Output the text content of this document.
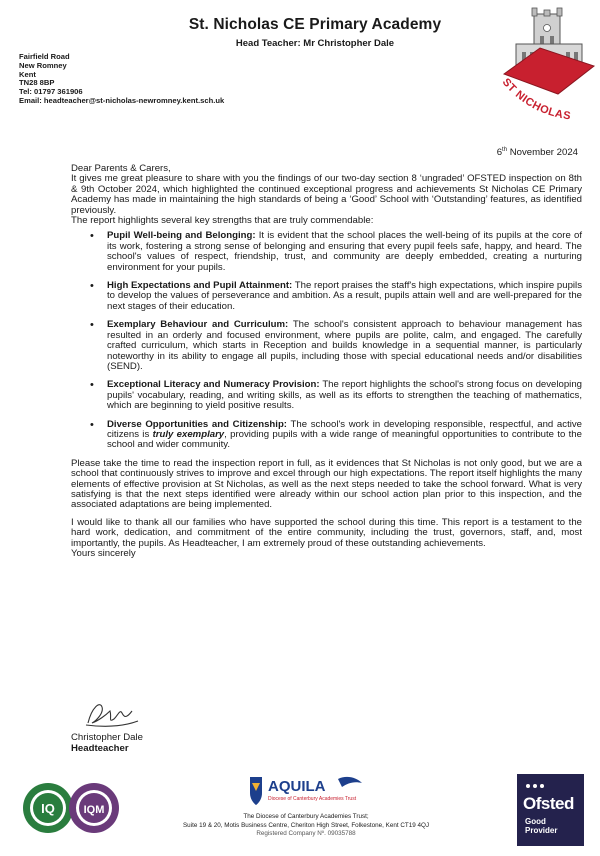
St. Nicholas CE Primary Academy
Head Teacher: Mr Christopher Dale
Fairfield Road
New Romney
Kent
TN28 8BP
Tel: 01797 361906
Email: headteacher@st-nicholas-newromney.kent.sch.uk
ST NICHOLAS
6th November 2024

Dear Parents & Carers,

It gives me great pleasure to share with you the findings of our two-day section 8 ‘ungraded’ OFSTED inspection on 8th & 9th October 2024, which highlighted the continued exceptional progress and achievements St Nicholas CE Primary Academy has made in maintaining the high standards of being a ‘Good’ School with ‘Outstanding’ features, as identified previously.

The report highlights several key strengths that are truly commendable:

• Pupil Well-being and Belonging: It is evident that the school places the well-being of its pupils at the core of its work, fostering a strong sense of belonging and ensuring that every pupil feels safe, happy, and heard. The school's values of respect, friendship, trust, and community are deeply embedded, creating a nurturing environment for your pupils.
• High Expectations and Pupil Attainment: The report praises the staff's high expectations, which inspire pupils to develop the values of perseverance and ambition. As a result, pupils attain well and are well-prepared for the next stages of their education.
• Exemplary Behaviour and Curriculum: The school's consistent approach to behaviour management has resulted in an orderly and focused environment, where pupils are polite, calm, and engaged. The carefully crafted curriculum, which starts in Reception and builds knowledge in a sequential manner, is particularly noteworthy in its ability to engage all pupils, including those with special educational needs and/or disabilities (SEND).
• Exceptional Literacy and Numeracy Provision: The report highlights the school's strong focus on developing pupils' vocabulary, reading, and writing skills, as well as its efforts to strengthen the teaching of mathematics, which are beginning to yield positive results.
• Diverse Opportunities and Citizenship: The school's work in developing responsible, respectful, and active citizens is truly exemplary, providing pupils with a wide range of meaningful opportunities to contribute to the school and wider community.

Please take the time to read the inspection report in full, as it evidences that St Nicholas is not only good, but we are a school that continuously strives to improve and excel through our high expectations. The report itself highlights the many elements of effective provision at St Nicholas, as well as the next steps needed to take the school forward. What is very satisfying is that the next steps identified were already within our school action plan prior to this inspection, and the associated adaptations are being implemented.

I would like to thank all our families who have supported the school during this time. This report is a testament to the hard work, dedication, and commitment of the entire community, including the trust, governors, staff, and, most importantly, the pupils. As Headteacher, I am extremely proud of these outstanding achievements.

Yours sincerely

Christopher Dale
Headteacher
IQ	IQM
AQUILA
Diocese of Canterbury Academies Trust
The Diocese of Canterbury Academies Trust;
Suite 19 & 20, Motis Business Centre, Cheriton High Street, Folkestone, Kent CT19 4QJ
Registered Company Nº. 09035788
Ofsted
Good Provider
